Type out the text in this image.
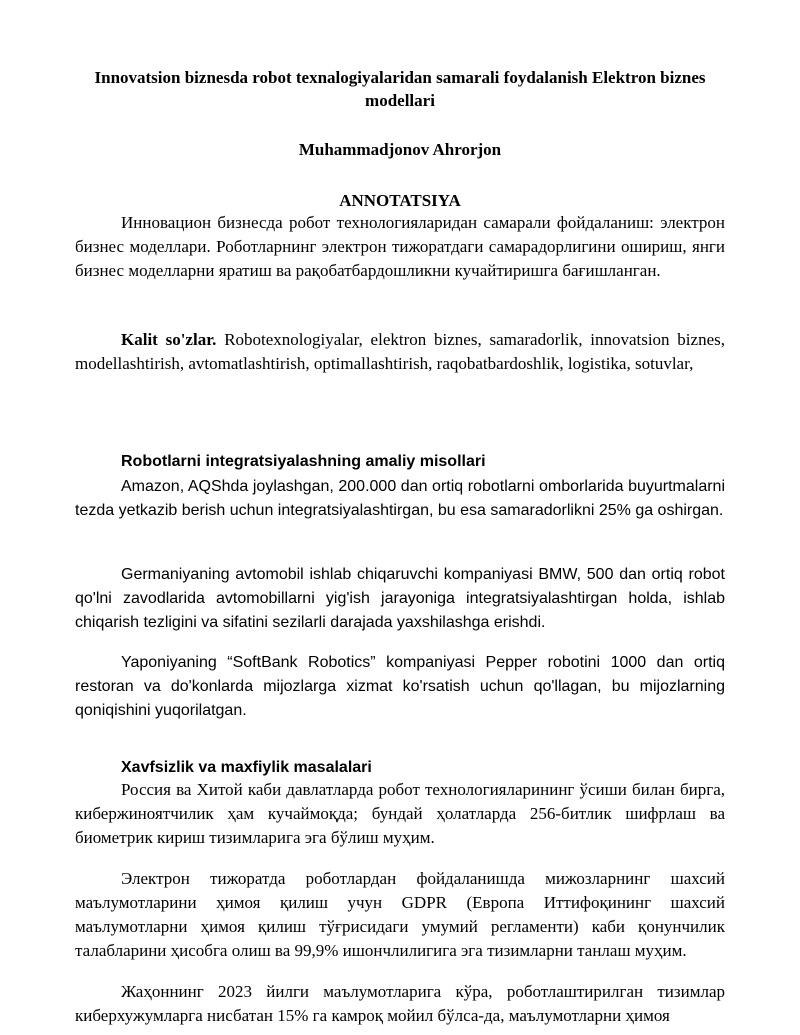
Innovatsion biznesda robot texnalogiyalaridan samarali foydalanish Elektron biznes modellari

Muhammadjonov Ahrorjon

ANNOTATSIYA

Инновацион бизнесда робот технологияларидан самарали фойдаланиш: электрон бизнес моделлари. Роботларнинг электрон тижоратдаги самарадорлигини ошириш, янги бизнес моделларни яратиш ва рақобатбардошликни кучайтиришга бағишланган.

Kalit so'zlar. Robotexnologiyalar, elektron biznes, samaradorlik, innovatsion biznes, modellashtirish, avtomatlashtirish, optimallashtirish, raqobatbardoshlik, logistika, sotuvlar,

Robotlarni integratsiyalashning amaliy misollari

Amazon, AQShda joylashgan, 200.000 dan ortiq robotlarni omborlarida buyurtmalarni tezda yetkazib berish uchun integratsiyalashtirgan, bu esa samaradorlikni 25% ga oshirgan.

Germaniyaning avtomobil ishlab chiqaruvchi kompaniyasi BMW, 500 dan ortiq robot qo'lni zavodlarida avtomobillarni yig'ish jarayoniga integratsiyalashtirgan holda, ishlab chiqarish tezligini va sifatini sezilarli darajada yaxshilashga erishdi.

Yaponiyaning “SoftBank Robotics” kompaniyasi Pepper robotini 1000 dan ortiq restoran va do'konlarda mijozlarga xizmat ko'rsatish uchun qo'llagan, bu mijozlarning qoniqishini yuqorilatgan.

Xavfsizlik va maxfiylik masalalari

Россия ва Хитой каби давлатларда робот технологияларининг ўсиши билан бирга, кибержиноятчилик ҳам кучаймоқда; бундай ҳолатларда 256-битлик шифрлаш ва биометрик кириш тизимларига эга бўлиш муҳим.

Электрон тижоратда роботлардан фойдаланишда мижозларнинг шахсий маълумотларини ҳимоя қилиш учун GDPR (Европа Иттифоқининг шахсий маълумотларни ҳимоя қилиш тўғрисидаги умумий регламенти) каби қонунчилик талабларини ҳисобга олиш ва 99,9% ишончлилигига эга тизимларни танлаш муҳим.

Жаҳоннинг 2023 йилги маълумотларига кўра, роботлаштирилган тизимлар киберхужумларга нисбатан 15% га камроқ мойил бўлса-да, маълумотларни ҳимоя
